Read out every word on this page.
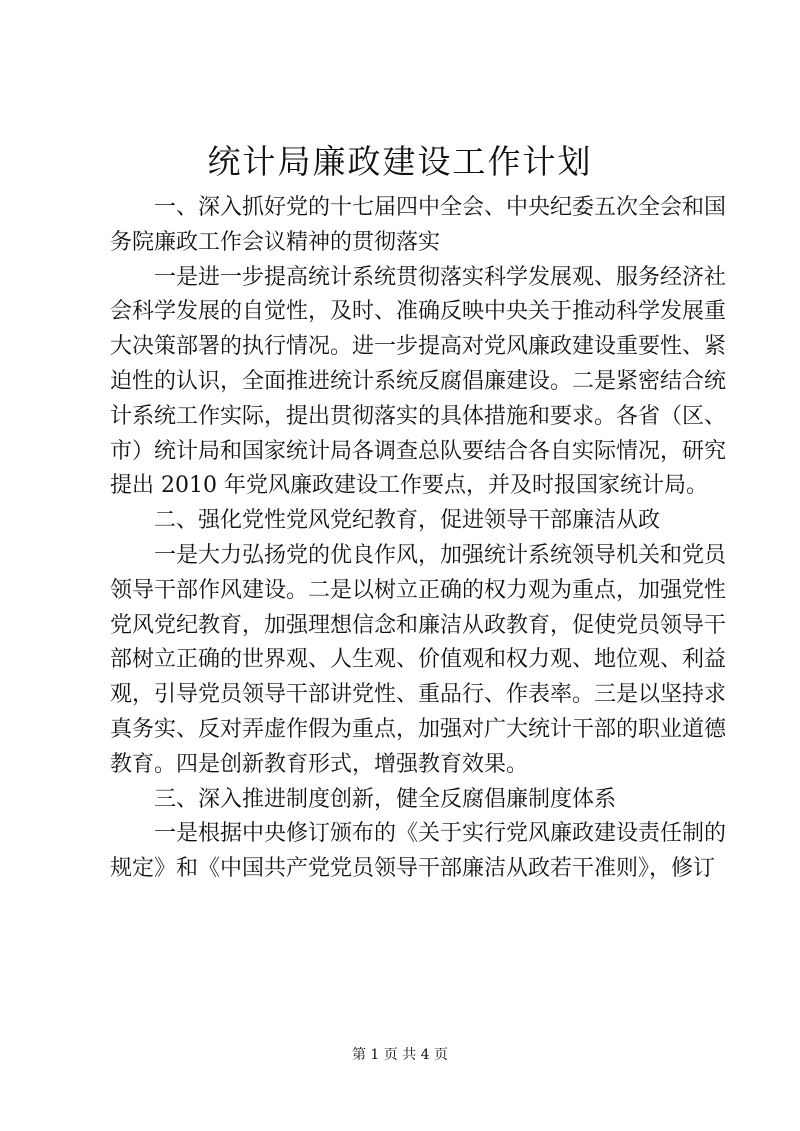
统计局廉政建设工作计划
一、深入抓好党的十七届四中全会、中央纪委五次全会和国
务院廉政工作会议精神的贯彻落实
一是进一步提高统计系统贯彻落实科学发展观、服务经济社
会科学发展的自觉性，及时、准确反映中央关于推动科学发展重
大决策部署的执行情况。进一步提高对党风廉政建设重要性、紧
迫性的认识，全面推进统计系统反腐倡廉建设。二是紧密结合统
计系统工作实际，提出贯彻落实的具体措施和要求。各省（区、
市）统计局和国家统计局各调查总队要结合各自实际情况，研究
提出 2010 年党风廉政建设工作要点，并及时报国家统计局。
二、强化党性党风党纪教育，促进领导干部廉洁从政
一是大力弘扬党的优良作风，加强统计系统领导机关和党员
领导干部作风建设。二是以树立正确的权力观为重点，加强党性
党风党纪教育，加强理想信念和廉洁从政教育，促使党员领导干
部树立正确的世界观、人生观、价值观和权力观、地位观、利益
观，引导党员领导干部讲党性、重品行、作表率。三是以坚持求
真务实、反对弄虚作假为重点，加强对广大统计干部的职业道德
教育。四是创新教育形式，增强教育效果。
三、深入推进制度创新，健全反腐倡廉制度体系
一是根据中央修订颁布的《关于实行党风廉政建设责任制的
规定》和《中国共产党党员领导干部廉洁从政若干准则》，修订
第 1 页 共 4 页
